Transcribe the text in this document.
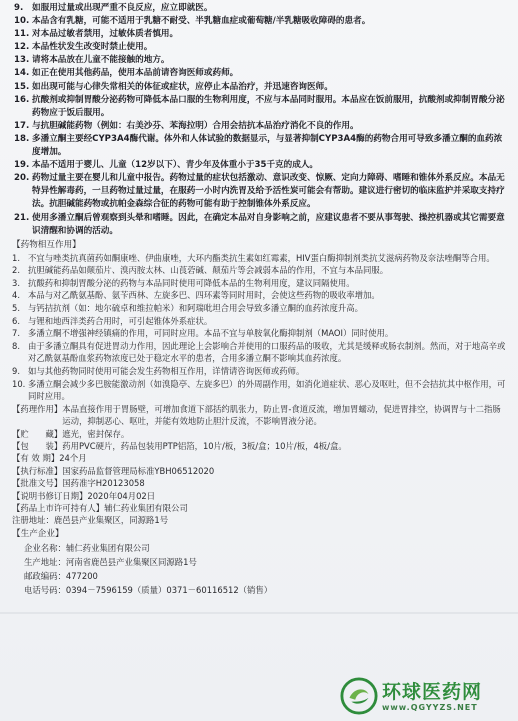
9. 如服用过量或出现严重不良反应，应立即就医。
10. 本品含有乳糖，可能不适用于乳糖不耐受、半乳糖血症或葡萄糖/半乳糖吸收障碍的患者。
11. 对本品过敏者禁用，过敏体质者慎用。
12. 本品性状发生改变时禁止使用。
13. 请将本品放在儿童不能接触的地方。
14. 如正在使用其他药品，使用本品前请咨询医师或药师。
15. 如出现可能与心律失常相关的体征或症状，应停止本品治疗，并迅速咨询医师。
16. 抗酸剂或抑制胃酸分泌药物可降低本品口服的生物利用度，不应与本品同时服用。本品应在饭前服用，抗酸剂或抑制胃酸分泌药物应于饭后服用。
17. 与抗胆碱能药物（例如：右美沙芬、苯海拉明）合用会拮抗本品治疗消化不良的作用。
18. 多潘立酮主要经CYP3A4酶代谢。体外和人体试验的数据显示，与显著抑制CYP3A4酶的药物合用可导致多潘立酮的血药浓度增加。
19. 本品不适用于婴儿、儿童（12岁以下）、青少年及体重小于35千克的成人。
20. 药物过量主要在婴儿和儿童中报告。药物过量的症状包括激动、意识改变、惊厥、定向力障碍、嗜睡和锥体外系反应。本品无特异性解毒药，一旦药物过量过量，在服药一小时内洗胃及给予活性炭可能会有帮助。建议进行密切的临床监护并采取支持疗法。抗胆碱能药物或抗帕金森综合征的药物可能有助于控制锥体外系反应。
21. 使用多潘立酮后曾观察到头晕和嗜睡。因此，在确定本品对自身影响之前，应建议患者不要从事驾驶、操控机器或其它需要意识清醒和协调的活动。
【药物相互作用】
1. 不宜与唑类抗真菌药如酮康唑、伊曲康唑，大环内酯类抗生素如红霉素，HIV蛋白酶抑制剂类抗艾滋病药物及奈法唑酮等合用。
2. 抗胆碱能药品如颠茄片、溴丙胺太林、山莨菪碱、颠茄片等会减弱本品的作用，不宜与本品同服。
3. 抗酸药和抑制胃酸分泌的药物与本品同时使用可降低本品的生物利用度，建议同隔使用。
4. 本品与对乙酰氨基酚、氨苄西林、左旋多巴、四环素等同时用时，会使这些药物的吸收率增加。
5. 与钙拮抗剂（如：地尔硫卓和维拉帕米）和阿瑞吡坦合用会导致多潘立酮的血药浓度升高。
6. 与锂和地西泮类药合用时，可引起锥体外系症状。
7. 多潘立酮不增强神经镇痛的作用，可同时应用。本品不宜与单胺氧化酶抑制剂（MAOI）同时使用。
8. 由于多潘立酮具有促进胃动力作用，因此理论上会影响合并使用的口服药品的吸收，尤其是缓释或肠衣制剂。然而，对于地高辛或对乙酰氨基酚血浆药物浓度已处于稳定水平的患者，合用多潘立酮不影响其血药浓度。
9. 如与其他药物同时使用可能会发生药物相互作用，详情请咨询医师或药师。
10. 多潘立酮会减少多巴胺能激动剂（如溴隐亭、左旋多巴）的外周副作用，如消化道症状、恶心及呕吐，但不会拮抗其中枢作用，可同时应用。
【药理作用】 本品直接作用于胃肠壁，可增加食道下部括约肌张力，防止胃-食道反流，增加胃蠕动，促进胃排空，协调胃与十二指肠运动，抑制恶心、呕吐，并能有效地防止胆汁反流，不影响胃液分泌。
【贮　　藏】 遮光，密封保存。
【包　　装】 药用PVC硬片，药品包装用PTP铝箔，10片/板，3板/盒；10片/板，4板/盒。
【有 效 期】 24个月
【执行标准】 国家药品监督管理局标准YBH06512020
【批准文号】 国药准字H20123058
【说明书修订日期】 2020年04月02日
【药品上市许可持有人】 辅仁药业集团有限公司
注册地址： 鹿邑县产业集聚区，同源路1号
【生产企业】
企业名称：辅仁药业集团有限公司
生产地址：河南省鹿邑县产业集聚区同源路1号
邮政编码：477200
电话号码：0394－7596159（质量）0371－60116512（销售）
环球医药网
www.QGYYZS.NET
